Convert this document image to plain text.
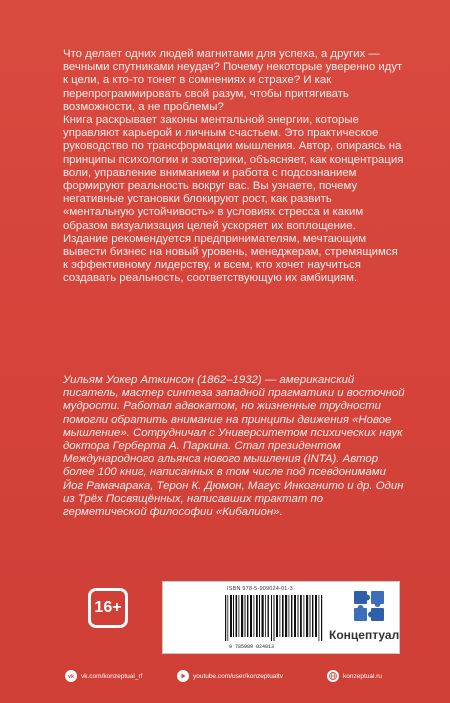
Что делает одних людей магнитами для успеха, а других — вечными спутниками неудач? Почему некоторые уверенно идут к цели, а кто-то тонет в сомнениях и страхе? И как перепрограммировать свой разум, чтобы притягивать возможности, а не проблемы?

Книга раскрывает законы ментальной энергии, которые управляют карьерой и личным счастьем. Это практическое руководство по трансформации мышления. Автор, опираясь на принципы психологии и эзотерики, объясняет, как концентрация воли, управление вниманием и работа с подсознанием формируют реальность вокруг вас. Вы узнаете, почему негативные установки блокируют рост, как развить «ментальную устойчивость» в условиях стресса и каким образом визуализация целей ускоряет их воплощение.

Издание рекомендуется предпринимателям, мечтающим вывести бизнес на новый уровень, менеджерам, стремящимся к эффективному лидерству, и всем, кто хочет научиться создавать реальность, соответствующую их амбициям.

Уильям Уокер Аткинсон (1862–1932) — американский писатель, мастер синтеза западной прагматики и восточной мудрости. Работал адвокатом, но жизненные трудности помогли обратить внимание на принципы движения «Новое мышление». Сотрудничал с Университетом психических наук доктора Герберта А. Паркина. Стал президентом Международного альянса нового мышления (INTA). Автор более 100 книг, написанных в том числе под псевдонимами Йог Рамачарака, Терон К. Дюмон, Магус Инкогнито и др. Один из Трёх Посвящённых, написавших трактат по герметической философии «Кибалион».
16+
ISBN 978-5-909024-01-3
9 785909 024013
Концептуал
vk vk.com/konzeptual_rf	youtube.com/user/konzeptualtv	konzeptual.ru
